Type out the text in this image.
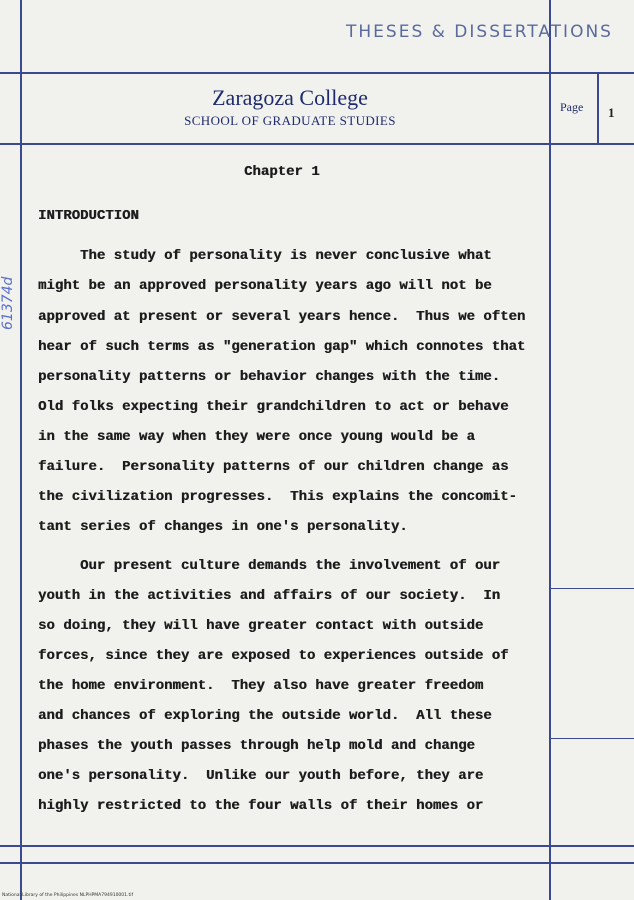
THESES & DISSERTATIONS
Zaragoza College
SCHOOL OF GRADUATE STUDIES
Page 1
61374d
Chapter 1
INTRODUCTION
The study of personality is never conclusive what
might be an approved personality years ago will not be
approved at present or several years hence.  Thus we often
hear of such terms as "generation gap" which connotes that
personality patterns or behavior changes with the time.
Old folks expecting their grandchildren to act or behave
in the same way when they were once young would be a
failure.  Personality patterns of our children change as
the civilization progresses.  This explains the concomit-
tant series of changes in one's personality.
Our present culture demands the involvement of our
youth in the activities and affairs of our society.  In
so doing, they will have greater contact with outside
forces, since they are exposed to experiences outside of
the home environment.  They also have greater freedom
and chances of exploring the outside world.  All these
phases the youth passes through help mold and change
one's personality.  Unlike our youth before, they are
highly restricted to the four walls of their homes or
National Library of the Philippines NLPHPMA794910001.tif
